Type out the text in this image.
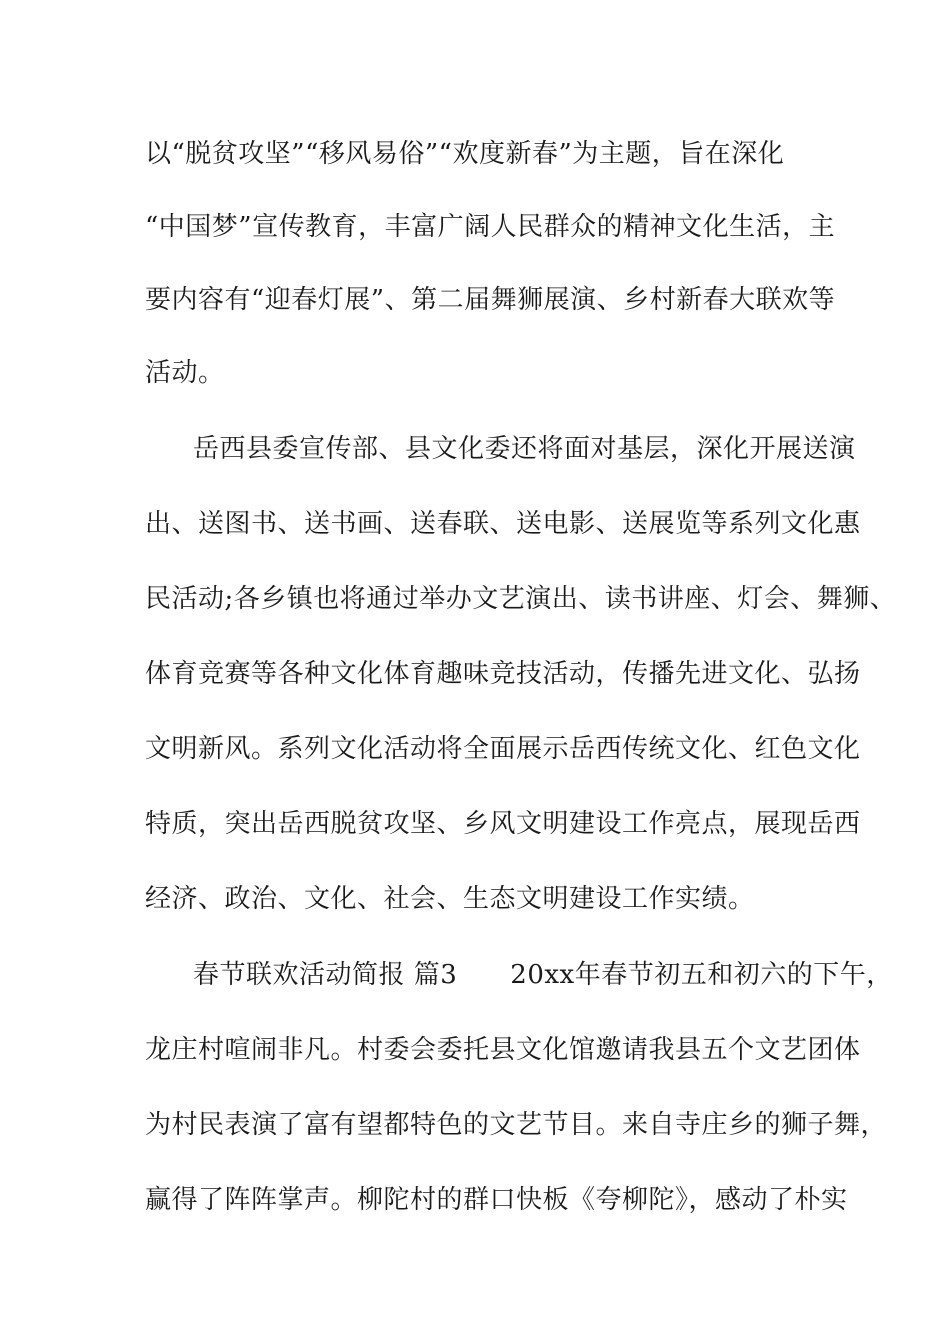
以“脱贫攻坚”“移风易俗”“欢度新春”为主题，旨在深化
“中国梦”宣传教育，丰富广阔人民群众的精神文化生活，主
要内容有“迎春灯展”、第二届舞狮展演、乡村新春大联欢等
活动。
岳西县委宣传部、县文化委还将面对基层，深化开展送演
出、送图书、送书画、送春联、送电影、送展览等系列文化惠
民活动;各乡镇也将通过举办文艺演出、读书讲座、灯会、舞狮、
体育竞赛等各种文化体育趣味竞技活动，传播先进文化、弘扬
文明新风。系列文化活动将全面展示岳西传统文化、红色文化
特质，突出岳西脱贫攻坚、乡风文明建设工作亮点，展现岳西
经济、政治、文化、社会、生态文明建设工作实绩。
春节联欢活动简报 篇3　　20xx年春节初五和初六的下午，
龙庄村喧闹非凡。村委会委托县文化馆邀请我县五个文艺团体
为村民表演了富有望都特色的文艺节目。来自寺庄乡的狮子舞，
赢得了阵阵掌声。柳陀村的群口快板《夸柳陀》，感动了朴实
